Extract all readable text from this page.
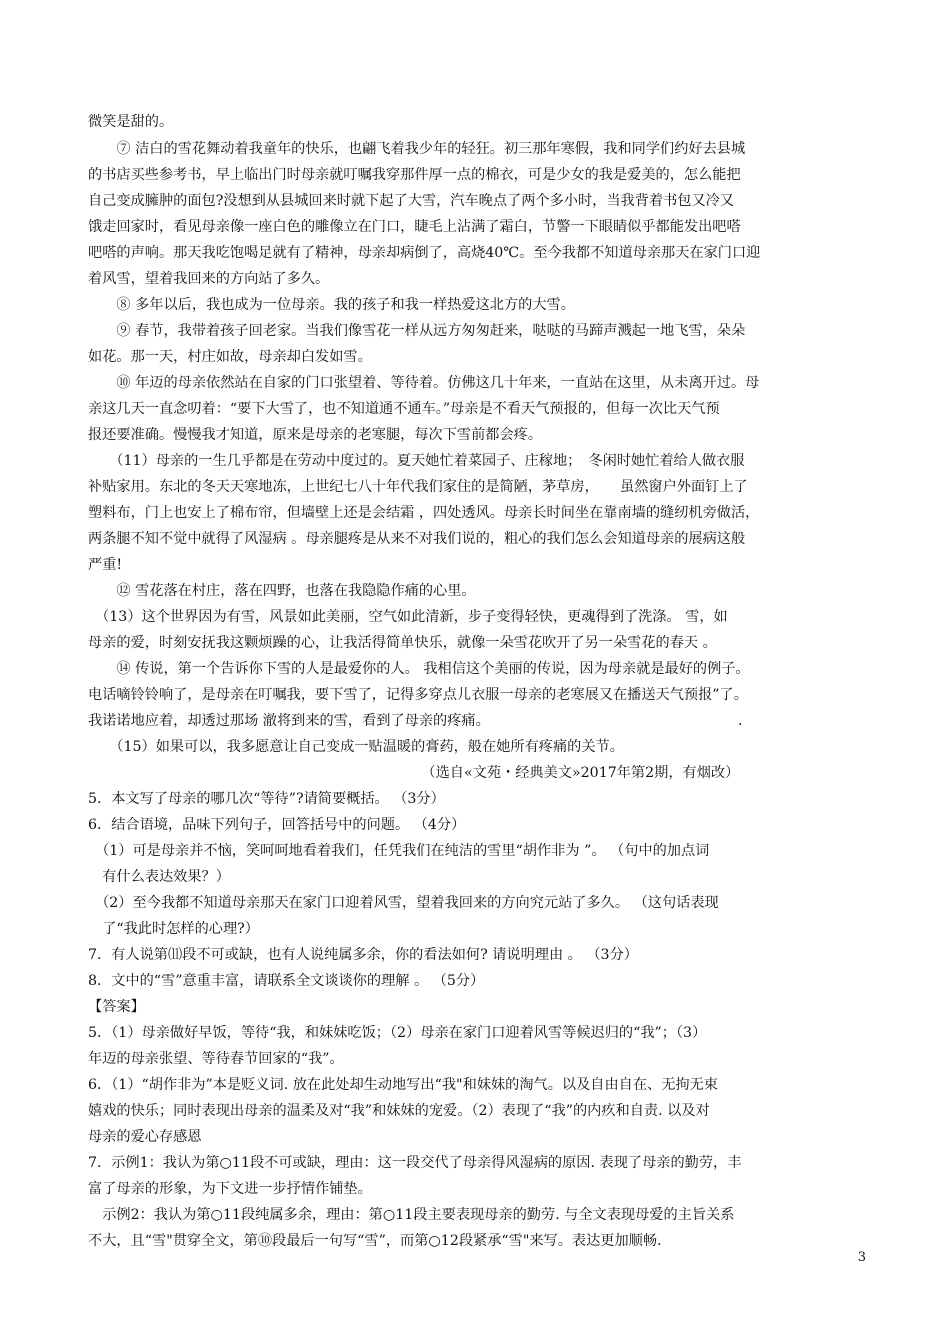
微笑是甜的。
　　⑦ 洁白的雪花舞动着我童年的快乐，也翩飞着我少年的轻狂。初三那年寒假，我和同学们约好去县城
的书店买些参考书，早上临出门时母亲就叮嘱我穿那件厚一点的棉衣，可是少女的我是爱美的，怎么能把
自己变成臃肿的面包?没想到从县城回来时就下起了大雪，汽车晚点了两个多小时，当我背着书包又冷又
饿走回家时，看见母亲像一座白色的雕像立在门口，睫毛上沾满了霜白，节警一下眼睛似乎都能发出吧嗒
吧嗒的声响。那天我吃饱喝足就有了精神，母亲却病倒了，高烧40℃。至今我都不知道母亲那天在家门口迎
着风雪，望着我回来的方向站了多久。
　　⑧ 多年以后，我也成为一位母亲。我的孩子和我一样热爱这北方的大雪。
　　⑨ 春节，我带着孩子回老家。当我们像雪花一样从远方匆匆赶来，哒哒的马蹄声溅起一地飞雪，朵朵
如花。那一天，村庄如故，母亲却白发如雪。
　　⑩ 年迈的母亲依然站在自家的门口张望着、等待着。仿佛这几十年来，一直站在这里，从未离开过。母
亲这几天一直念叨着：“要下大雪了，也不知道通不通车。”母亲是不看天气预报的，但每一次比天气预
报还要准确。慢慢我才知道，原来是母亲的老寒腿，每次下雪前都会疼。
　　（11）母亲的一生几乎都是在劳动中度过的。夏天她忙着菜园子、庄稼地；　冬闲时她忙着给人做衣服
补贴家用。东北的冬天天寒地冻，上世纪七八十年代我们家住的是简陋，茅草房，　　虽然窗户外面钉上了
塑料布，门上也安上了棉布帘，但墙壁上还是会结霜 ，四处透风。母亲长时间坐在靠南墙的缝纫机旁做活，
两条腿不知不觉中就得了风湿病 。母亲腿疼是从来不对我们说的，粗心的我们怎么会知道母亲的展病这般
严重!
　　⑫ 雪花落在村庄，落在四野，也落在我隐隐作痛的心里。
　（13）这个世界因为有雪，风景如此美丽，空气如此清新，步子变得轻快，更魂得到了洗涤。 雪，如
母亲的爱，时刻安抚我这颗烦躁的心，让我活得简单快乐，就像一朵雪花吹开了另一朵雪花的春天 。
　　⑭ 传说，第一个告诉你下雪的人是最爱你的人。 我相信这个美丽的传说，因为母亲就是最好的例子。
电话嘀铃铃响了，是母亲在叮嘱我，要下雪了，记得多穿点儿衣服一母亲的老寒展又在播送天气预报”了。
我诺诺地应着，却透过那场 澈将到来的雪，看到了母亲的疼痛。　　　　　　　　　　　　　　　　　　.
　　（15）如果可以，我多愿意让自己变成一贴温暖的膏药，般在她所有疼痛的关节。
　　　　　　　　　　　　　　　　　　　　　　　　（选自«文苑・经典美文»2017年第2期，有烟改）
5．本文写了母亲的哪几次“等待”?请简要概括。 （3分）
6．结合语境，品味下列句子，回答括号中的问题。 （4分）
　（1）可是母亲并不恼，笑呵呵地看着我们，任凭我们在纯洁的雪里“胡作非为 ”。 （句中的加点词
　有什么表达效果？）
　（2）至今我都不知道母亲那天在家门口迎着风雪，望着我回来的方向究元站了多久。 （这句话表现
　了“我此时怎样的心理?）
7．有人说第⑾段不可或缺，也有人说纯属多余，你的看法如何? 请说明理由 。 （3分）
8．文中的“雪”意重丰富，请联系全文谈谈你的理解 。 （5分）
【答案】
5．（1）母亲做好早饭，等待“我，和妹妹吃饭；（2）母亲在家门口迎着风雪等候迟归的“我”；（3）
年迈的母亲张望、等待春节回家的“我”。
6．（1）“胡作非为”本是贬义词. 放在此处却生动地写出“我"和妹妹的淘气。以及自由自在、无拘无束
嬉戏的快乐；同时表现出母亲的温柔及对“我”和妹妹的宠爱。（2）表现了“我”的内疚和自责. 以及对
母亲的爱心存感恩
7．示例1：我认为第○11段不可或缺，理由：这一段交代了母亲得风湿病的原因. 表现了母亲的勤劳，丰
富了母亲的形象，为下文进一步抒情作铺垫。
　示例2：我认为第○11段纯属多余，理由：第○11段主要表现母亲的勤劳. 与全文表现母爱的主旨关系
不大，且“雪"贯穿全文，第⑩段最后一句写“雪”，而第○12段紧承“雪"来写。表达更加顺畅.
3
